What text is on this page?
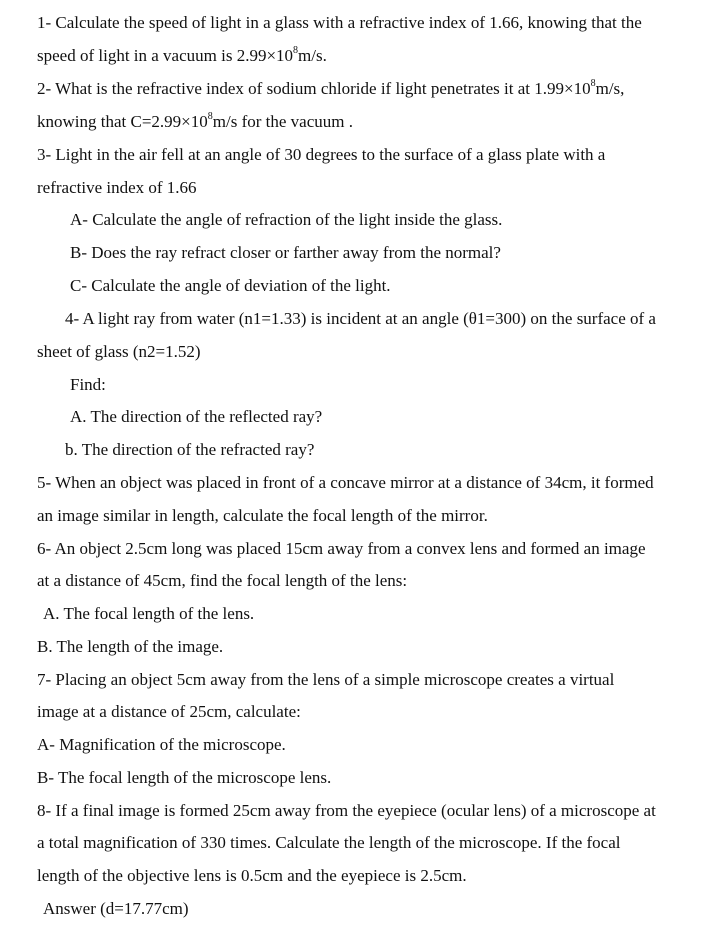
1- Calculate the speed of light in a glass with a refractive index of 1.66, knowing that the
speed of light in a vacuum is $2.99\times 10^8m/s$.
2- What is the refractive index of sodium chloride if light penetrates it at $1.99\times 10^8m/s$,
knowing that $C=2.99\times 10^8m/s$ for the vacuum .
3- Light in the air fell at an angle of 30 degrees to the surface of a glass plate with a
refractive index of 1.66
A- Calculate the angle of refraction of the light inside the glass.
B- Does the ray refract closer or farther away from the normal?
C- Calculate the angle of deviation of the light.
4- A light ray from water (n1=1.33) is incident at an angle (θ1=300) on the surface of a
sheet of glass (n2=1.52)
Find:
A. The direction of the reflected ray?
b. The direction of the refracted ray?
5- When an object was placed in front of a concave mirror at a distance of 34cm, it formed
an image similar in length, calculate the focal length of the mirror.
6- An object 2.5cm long was placed 15cm away from a convex lens and formed an image
at a distance of 45cm, find the focal length of the lens:
A. The focal length of the lens.
B. The length of the image.
7- Placing an object 5cm away from the lens of a simple microscope creates a virtual
image at a distance of 25cm, calculate:
A- Magnification of the microscope.
B- The focal length of the microscope lens.
8- If a final image is formed 25cm away from the eyepiece (ocular lens) of a microscope at
a total magnification of 330 times. Calculate the length of the microscope. If the focal
length of the objective lens is 0.5cm and the eyepiece is 2.5cm.
Answer (d=17.77cm)
